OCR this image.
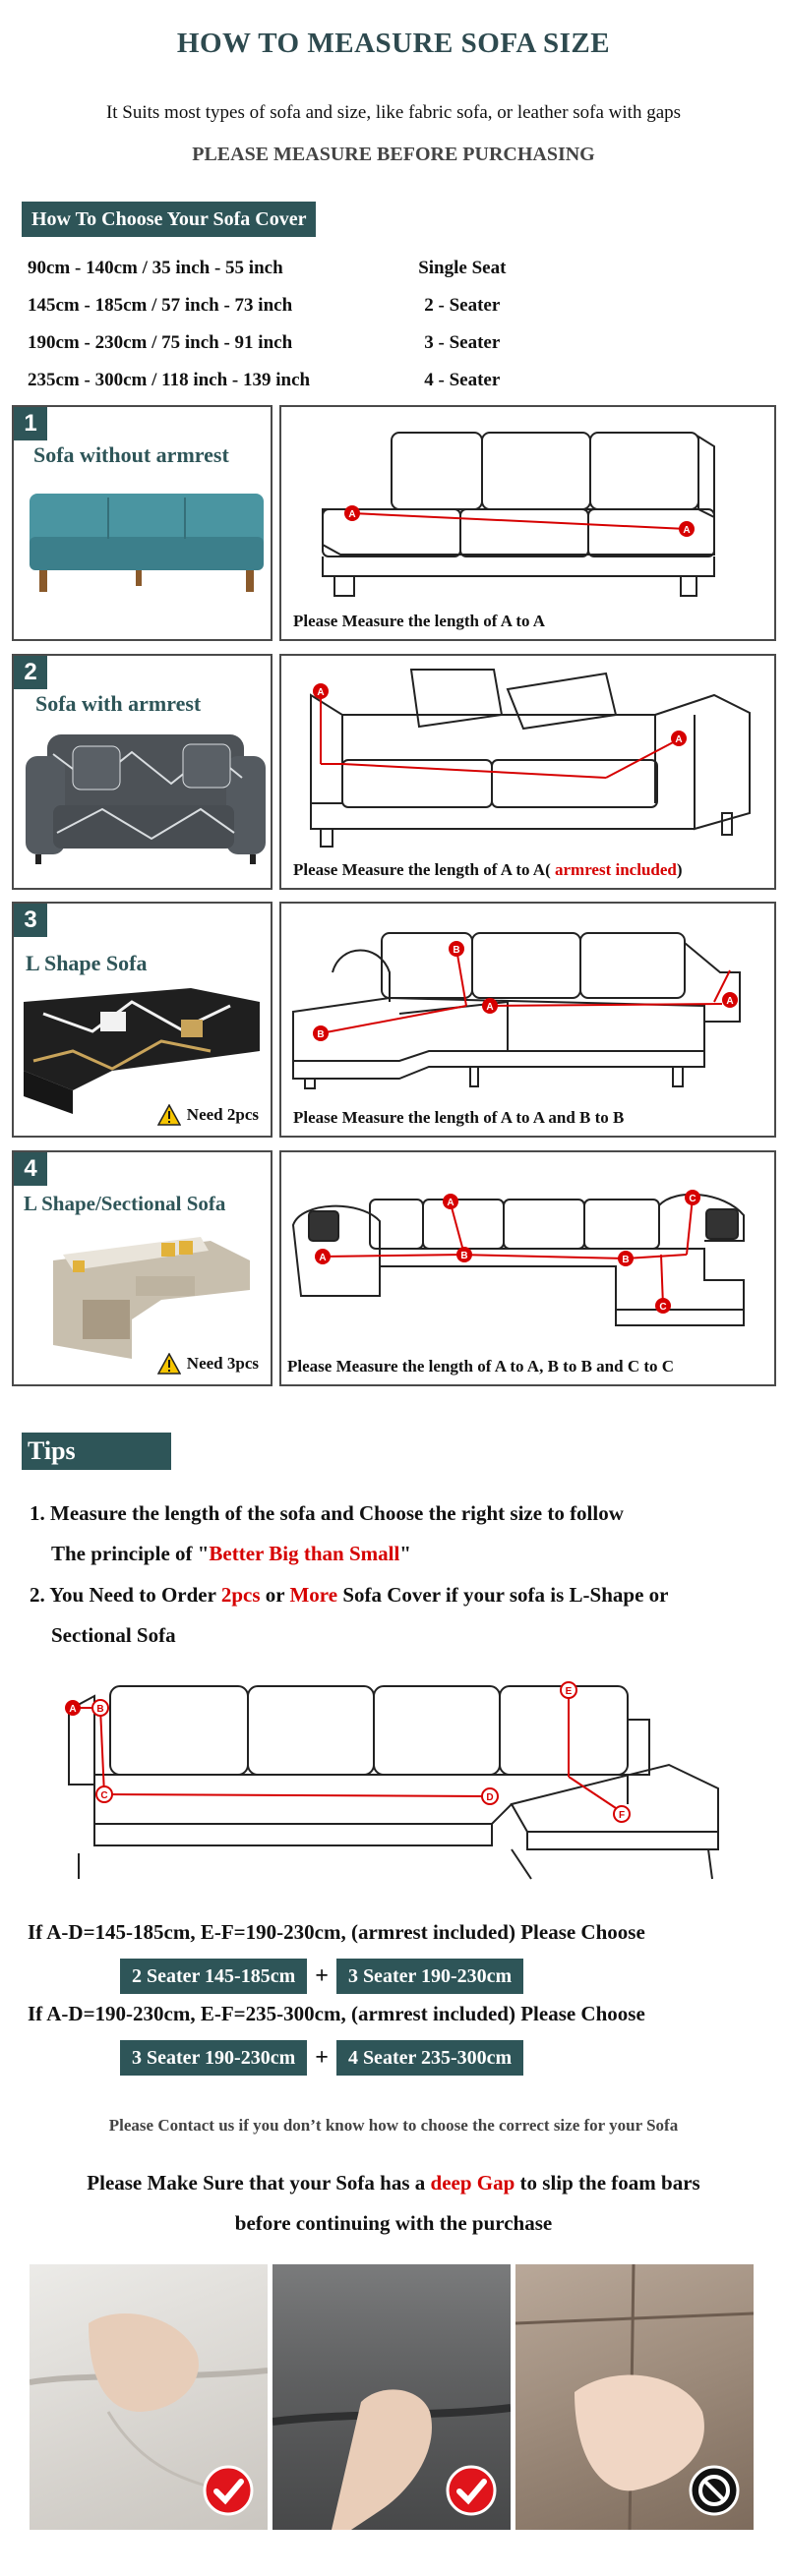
HOW TO MEASURE SOFA SIZE
It Suits most types of sofa and size, like fabric sofa, or leather sofa with gaps
PLEASE MEASURE BEFORE PURCHASING
How To Choose Your Sofa Cover
90cm - 140cm / 35 inch - 55 inch	Single Seat
145cm - 185cm / 57 inch - 73 inch	2 - Seater
190cm - 230cm / 75 inch - 91 inch	3 - Seater
235cm - 300cm / 118 inch - 139 inch	4 - Seater
1
Sofa without armrest
A
A
Please Measure the length of A to A
2
Sofa with armrest	A
A
Please Measure the length of A to A( armrest included)
3
L Shape Sofa
Need 2pcs
B
B
A
A
Please Measure the length of A to A and B to B
4
L Shape/Sectional Sofa
Need 3pcs
A
A
B	B
C
C
Please Measure the length of A to A, B to B and C to C
Tips
1. Measure the length of the sofa and Choose the right size to follow
The principle of "Better Big than Small"
2. You Need to Order 2pcs or More Sofa Cover if your sofa is L-Shape or
Sectional Sofa
A B
C	D
E
F
If A-D=145-185cm, E-F=190-230cm, (armrest included) Please Choose
2 Seater 145-185cm +	3 Seater 190-230cm
If A-D=190-230cm, E-F=235-300cm, (armrest included) Please Choose
3 Seater 190-230cm +	4 Seater 235-300cm
Please Contact us if you don’t know how to choose the correct size for your Sofa
Please Make Sure that your Sofa has a deep Gap to slip the foam bars
before continuing with the purchase
